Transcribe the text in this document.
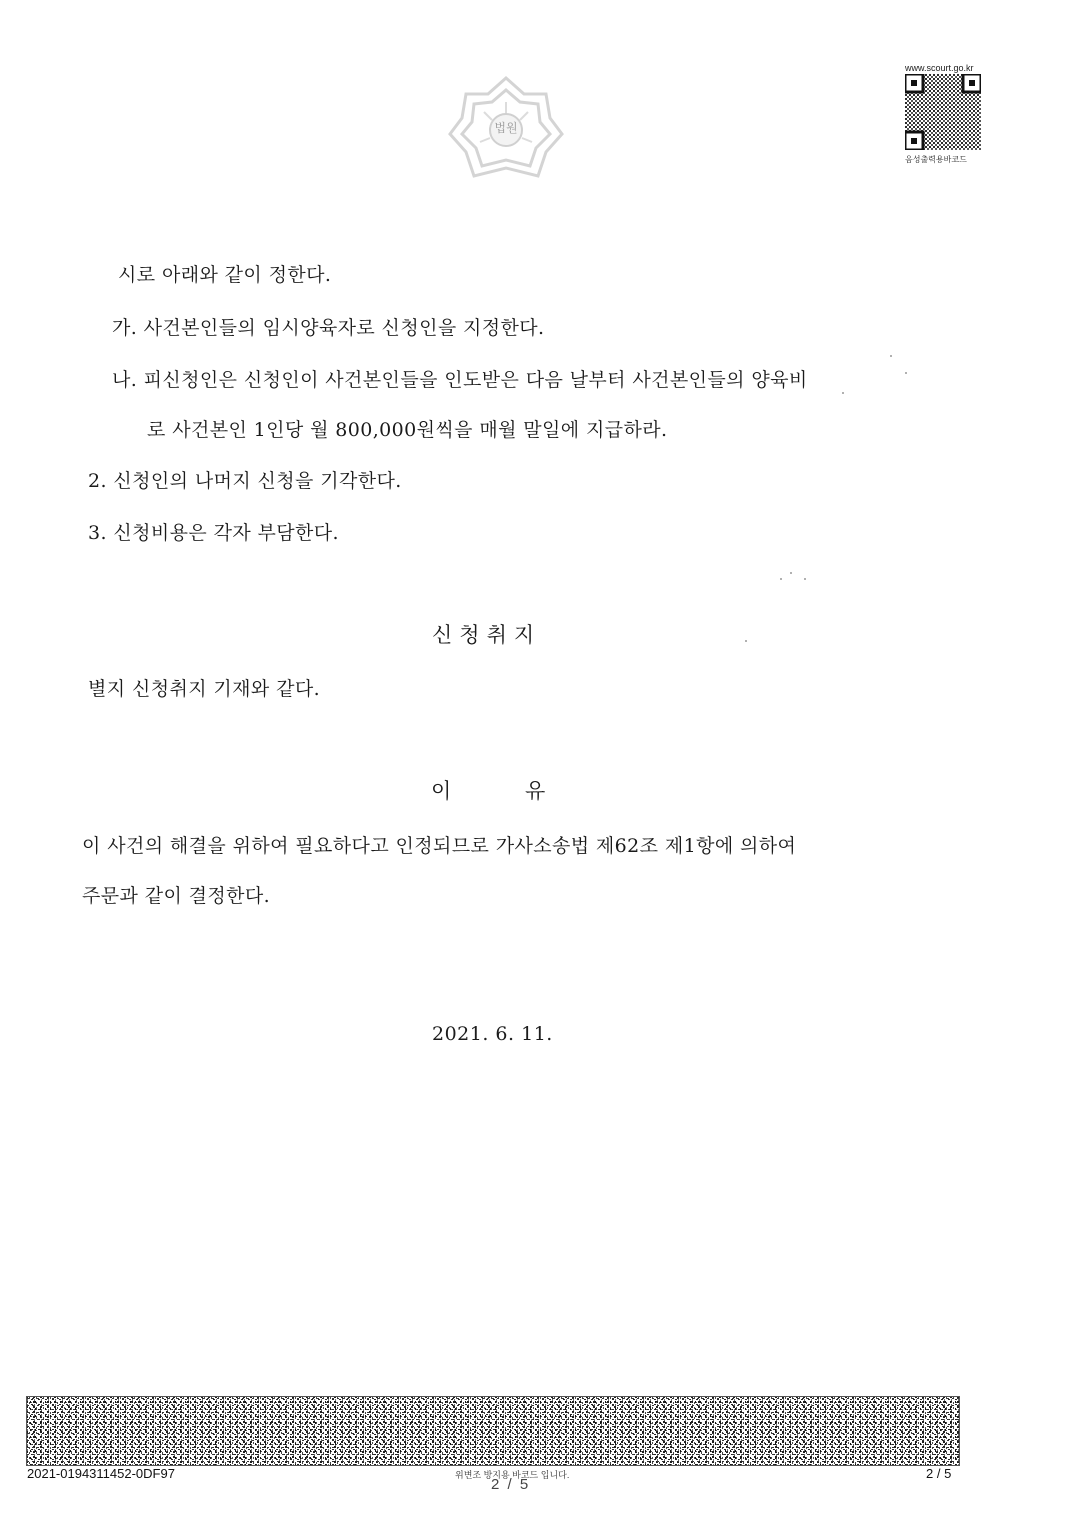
법원
www.scourt.go.kr
음성출력용바코드
시로 아래와 같이 정한다.
가. 사건본인들의 임시양육자로 신청인을 지정한다.
나. 피신청인은 신청인이 사건본인들을 인도받은 다음 날부터 사건본인들의 양육비
로 사건본인 1인당 월 800,000원씩을 매월 말일에 지급하라.
2. 신청인의 나머지 신청을 기각한다.
3. 신청비용은 각자 부담한다.
신청취지
별지 신청취지 기재와 같다.
이	유
이 사건의 해결을 위하여 필요하다고 인정되므로 가사소송법 제62조 제1항에 의하여
주문과 같이 결정한다.
2021. 6. 11.
2021-0194311452-0DF97	위변조 방지용 바코드 입니다.
2 / 5
2 / 5
